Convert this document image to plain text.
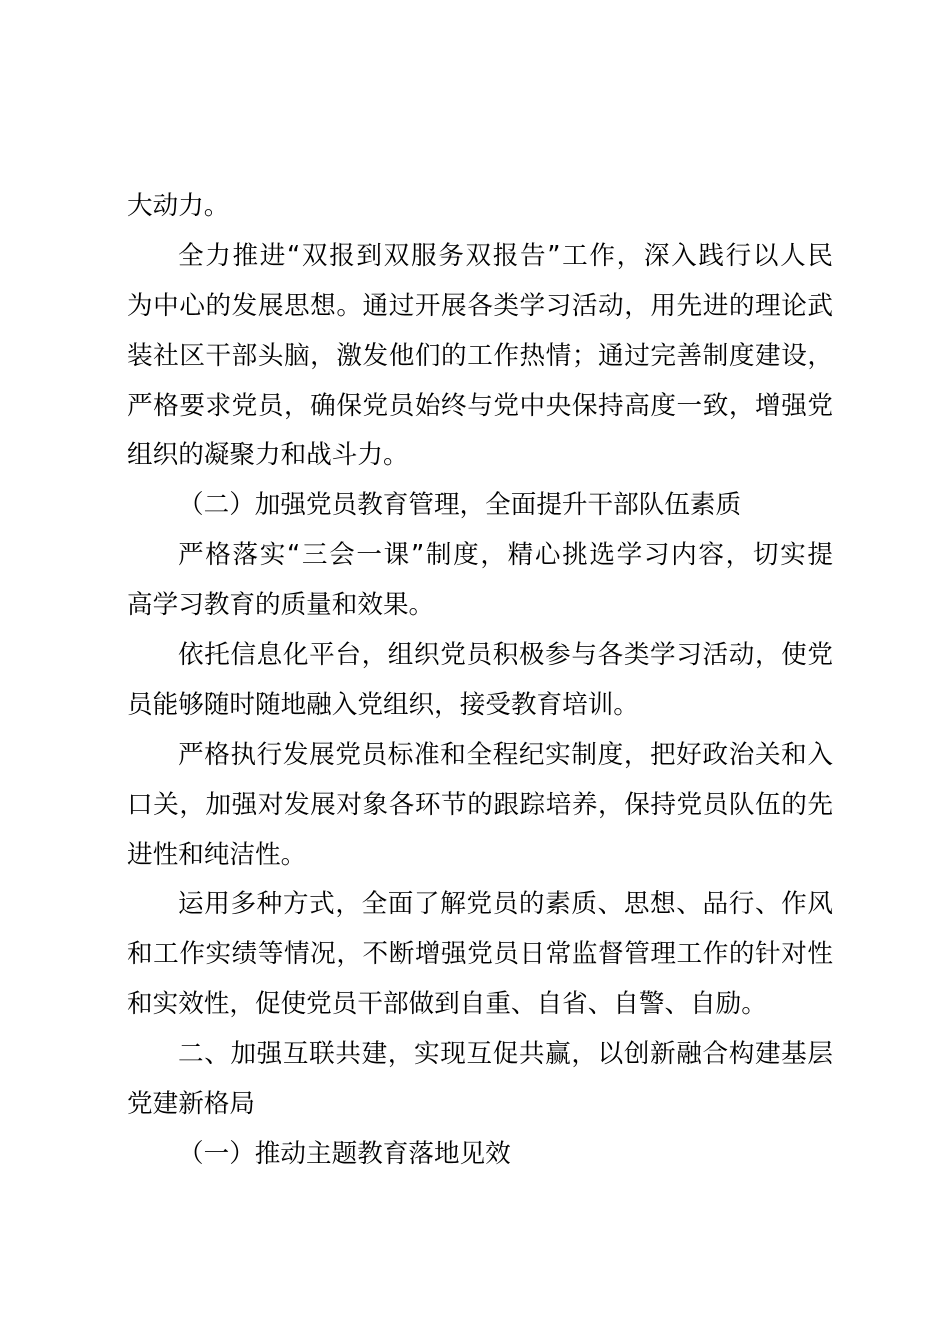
大动力。
全力推进“双报到双服务双报告”工作，深入践行以人民
为中心的发展思想。通过开展各类学习活动，用先进的理论武
装社区干部头脑，激发他们的工作热情；通过完善制度建设，
严格要求党员，确保党员始终与党中央保持高度一致，增强党
组织的凝聚力和战斗力。
（二）加强党员教育管理，全面提升干部队伍素质
严格落实“三会一课”制度，精心挑选学习内容，切实提
高学习教育的质量和效果。
依托信息化平台，组织党员积极参与各类学习活动，使党
员能够随时随地融入党组织，接受教育培训。
严格执行发展党员标准和全程纪实制度，把好政治关和入
口关，加强对发展对象各环节的跟踪培养，保持党员队伍的先
进性和纯洁性。
运用多种方式，全面了解党员的素质、思想、品行、作风
和工作实绩等情况，不断增强党员日常监督管理工作的针对性
和实效性，促使党员干部做到自重、自省、自警、自励。
二、加强互联共建，实现互促共赢，以创新融合构建基层
党建新格局
（一）推动主题教育落地见效
